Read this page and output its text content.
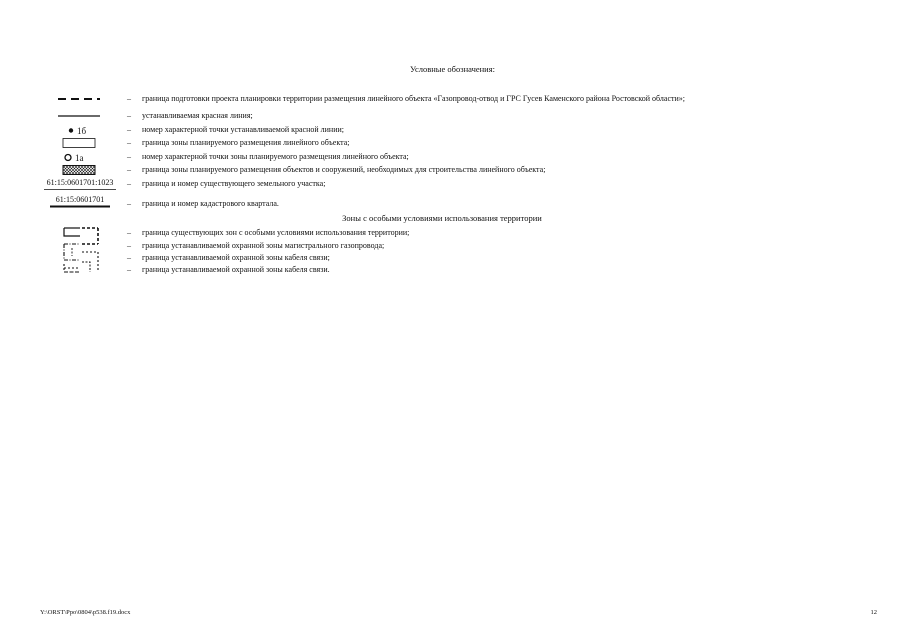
Условные обозначения:
– граница подготовки проекта планировки территории размещения линейного объекта «Газопровод-отвод и ГРС Гусев Каменского района Ростовской области»;
– устанавливаемая красная линия;
1б	– номер характерной точки устанавливаемой красной линии;
– граница зоны планируемого размещения линейного объекта;
1а	– номер характерной точки зоны планируемого размещения линейного объекта;
– граница зоны планируемого размещения объектов и сооружений, необходимых для строительства линейного объекта;
61:15:0601701:1023 – граница и номер существующего земельного участка;
61:15:0601701	– граница и номер кадастрового квартала.
Зоны с особыми условиями использования территории
– граница существующих зон с особыми условиями использования территории;
– граница устанавливаемой охранной зоны магистрального газопровода;
– граница устанавливаемой охранной зоны кабеля связи;
– граница устанавливаемой охранной зоны кабеля связи.
Y:\ORST\Ppo\0804\p538.f19.docx	12
